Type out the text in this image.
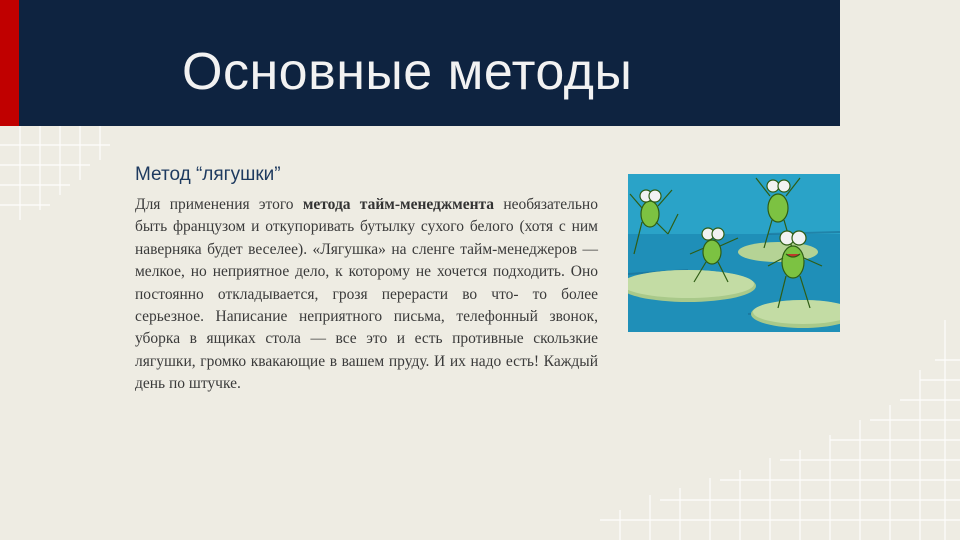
Основные методы
Метод “лягушки”
Для применения этого метода тайм-менеджмента необязательно быть французом и откупоривать бутылку сухого белого (хотя с ним наверняка будет веселее). «Лягушка» на сленге тайм-менеджеров — мелкое, но неприятное дело, к которому не хочется подходить. Оно постоянно откладывается, грозя перерасти во что- то более серьезное. Написание неприятного письма, телефонный звонок, уборка в ящиках стола — все это и есть противные скользкие лягушки, громко квакающие в вашем пруду. И их надо есть! Каждый день по штучке.
